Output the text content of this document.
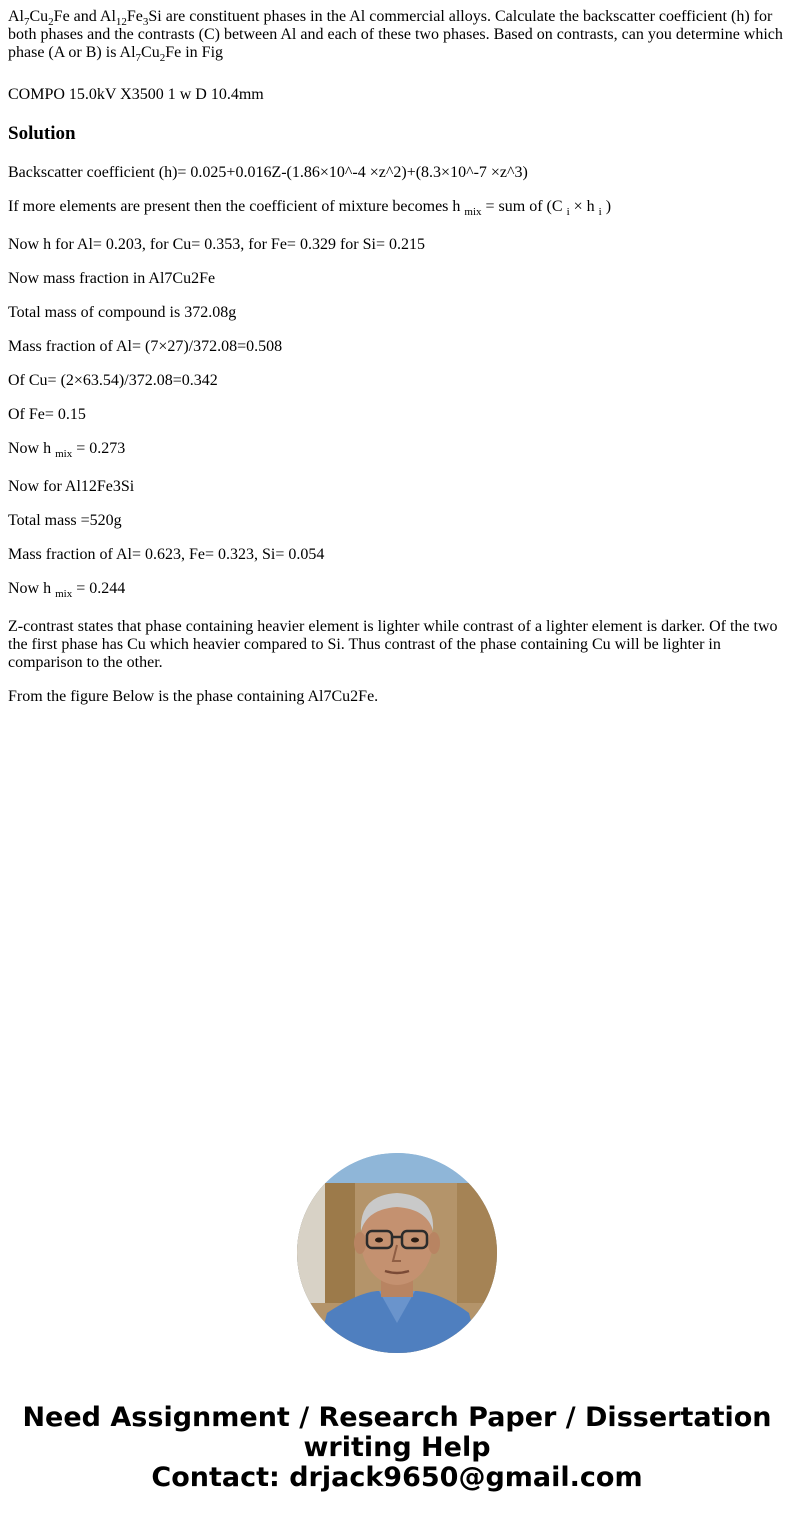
$Al_7Cu_2Fe$ and $Al_{12}Fe_3Si$ are constituent phases in the Al commercial alloys. Calculate the backscatter coefficient (h) for both phases and the contrasts (C) between Al and each of these two phases. Based on contrasts, can you determine which phase (A or B) is $Al_7Cu_2Fe$ in Fig

COMPO 15.0kV X3500 1 w D 10.4mm

Solution

Backscatter coefficient (h)= 0.025+0.016Z-(1.86×10^-4 ×z^2)+(8.3×10^-7 ×z^3)

If more elements are present then the coefficient of mixture becomes h $_{mix}$ = sum of (C $_i$ × h $_i$ )

Now h for Al= 0.203, for Cu= 0.353, for Fe= 0.329 for Si= 0.215

Now mass fraction in Al7Cu2Fe

Total mass of compound is 372.08g

Mass fraction of Al= (7×27)/372.08=0.508

Of Cu= (2×63.54)/372.08=0.342

Of Fe= 0.15

Now h $_{mix}$ = 0.273

Now for Al12Fe3Si

Total mass =520g

Mass fraction of Al= 0.623, Fe= 0.323, Si= 0.054

Now h $_{mix}$ = 0.244

Z-contrast states that phase containing heavier element is lighter while contrast of a lighter element is darker. Of the two the first phase has Cu which heavier compared to Si. Thus contrast of the phase containing Cu will be lighter in comparison to the other.

From the figure Below is the phase containing Al7Cu2Fe.

Need Assignment / Research Paper / Dissertation
writing Help
Contact: drjack9650@gmail.com
